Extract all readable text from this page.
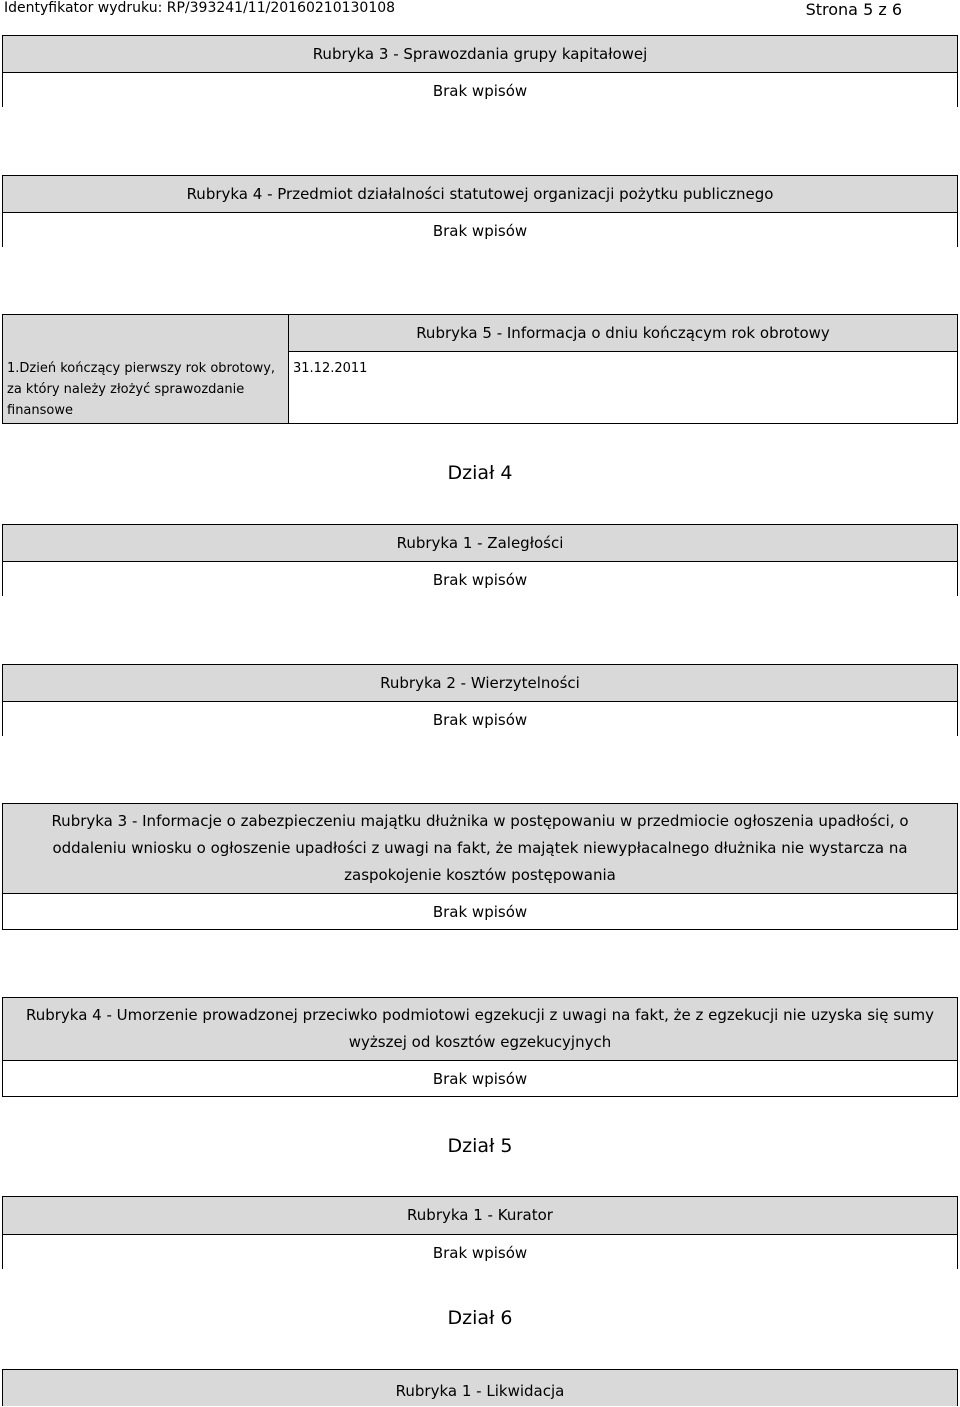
Identyfikator wydruku: RP/393241/11/20160210130108	Strona 5 z 6
Rubryka 3 - Sprawozdania grupy kapitałowej
Brak wpisów
Rubryka 4 - Przedmiot działalności statutowej organizacji pożytku publicznego
Brak wpisów
1.Dzień kończący pierwszy rok obrotowy, za który należy złożyć sprawozdanie finansowe
Rubryka 5 - Informacja o dniu kończącym rok obrotowy
31.12.2011
Dział 4
Rubryka 1 - Zaległości
Brak wpisów
Rubryka 2 - Wierzytelności
Brak wpisów
Rubryka 3 - Informacje o zabezpieczeniu majątku dłużnika w postępowaniu w przedmiocie ogłoszenia upadłości, o oddaleniu wniosku o ogłoszenie upadłości z uwagi na fakt, że majątek niewypłacalnego dłużnika nie wystarcza na zaspokojenie kosztów postępowania
Brak wpisów
Rubryka 4 - Umorzenie prowadzonej przeciwko podmiotowi egzekucji z uwagi na fakt, że z egzekucji nie uzyska się sumy wyższej od kosztów egzekucyjnych
Brak wpisów
Dział 5
Rubryka 1 - Kurator
Brak wpisów
Dział 6
Rubryka 1 - Likwidacja
